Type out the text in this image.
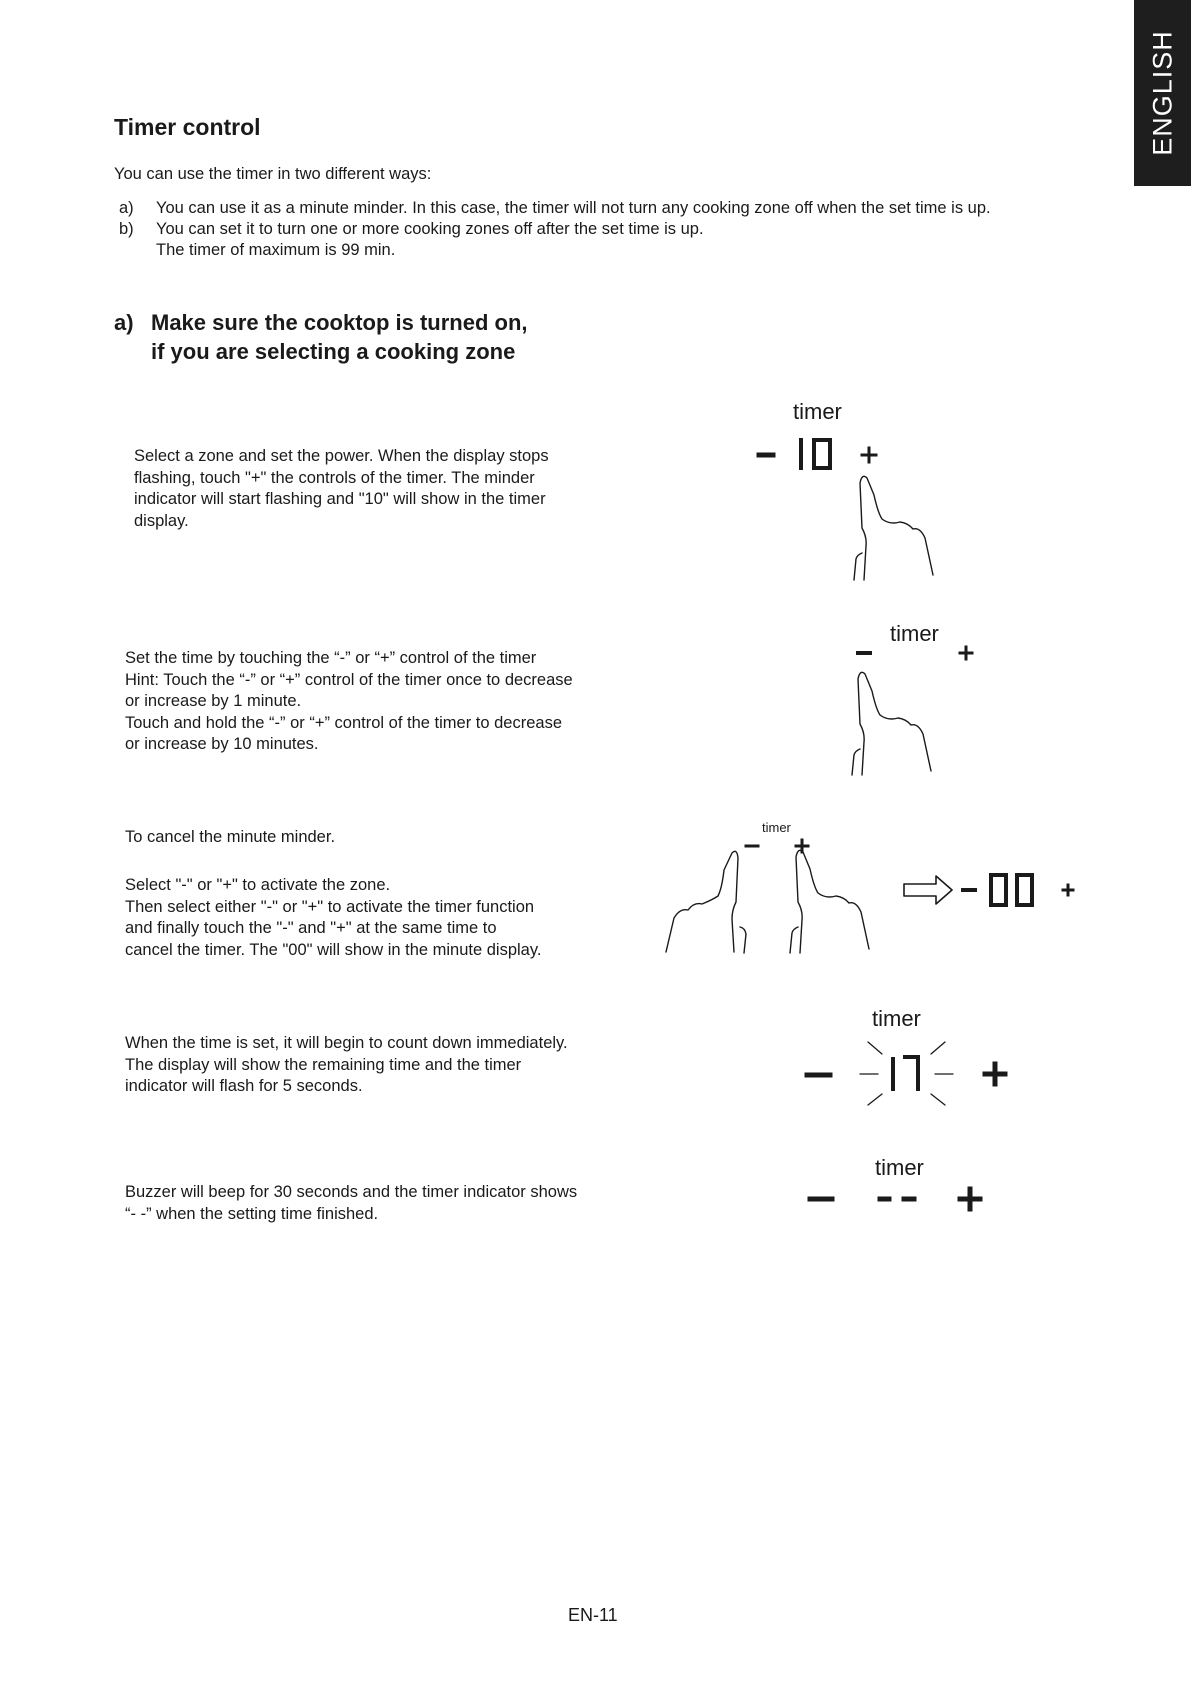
ENGLISH
Timer control
You can use the timer in two different ways:
a)	You can use it as a minute minder. In this case, the timer will not turn any cooking zone off when the set time is up.
b)	You can set it to turn one or more cooking zones off after the set time is up.
The timer of maximum is 99 min.
a) Make sure the cooktop is turned on,
if you are selecting a cooking zone

Select a zone and set the power. When the display stops

flashing, touch "+" the controls of the timer. The minder

indicator will start flashing and "10" will show in the timer

display.

Set the time by touching the “-” or “+” control of the timer

Hint: Touch the “-” or “+” control of the timer once to decrease

or increase by 1 minute.

Touch and hold the “-” or “+” control of the timer to decrease

or increase by 10 minutes.

To cancel the minute minder.

Select "-" or "+" to activate the zone.

Then select either "-" or "+" to activate the timer function

and finally touch the "-" and "+" at the same time to

cancel the timer. The "00" will show in the minute display.

When the time is set, it will begin to count down immediately.

The display will show the remaining time and the timer

indicator will flash for 5 seconds.

Buzzer will beep for 30 seconds and the timer indicator shows

“- -” when the setting time finished.

timer
timer
timer
timer
timer
EN-11
